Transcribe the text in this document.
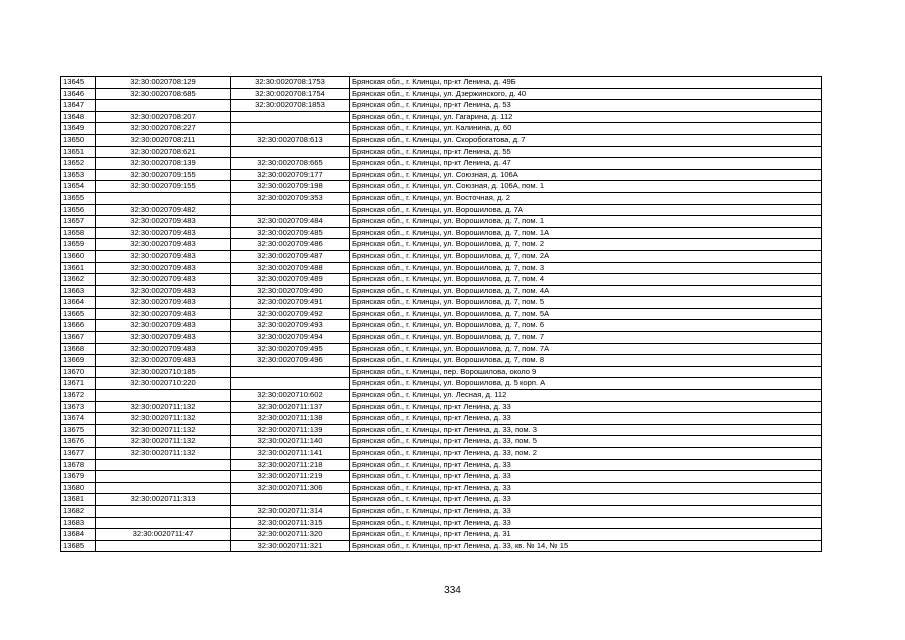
13645	32:30:0020708:129	32:30:0020708:1753	Брянская обл., г. Клинцы, пр-кт Ленина, д. 49Б
13646	32:30:0020708:685	32:30:0020708:1754	Брянская обл., г. Клинцы, ул. Дзержинского, д. 40
13647		32:30:0020708:1853	Брянская обл., г. Клинцы, пр-кт Ленина, д. 53
13648	32:30:0020708:207		Брянская обл., г. Клинцы, ул. Гагарина, д. 112
13649	32:30:0020708:227		Брянская обл., г. Клинцы, ул. Калинина, д. 60
13650	32:30:0020708:211	32:30:0020708:613	Брянская обл., г. Клинцы, ул. Скоробогатова, д. 7
13651	32:30:0020708:621		Брянская обл., г. Клинцы, пр-кт Ленина, д. 55
13652	32:30:0020708:139	32:30:0020708:665	Брянская обл., г. Клинцы, пр-кт Ленина, д. 47
13653	32:30:0020709:155	32:30:0020709:177	Брянская обл., г. Клинцы, ул. Союзная, д. 106А
13654	32:30:0020709:155	32:30:0020709:198	Брянская обл., г. Клинцы, ул. Союзная, д. 106А, пом. 1
13655		32:30:0020709:353	Брянская обл., г. Клинцы, ул. Восточная, д. 2
13656	32:30:0020709:482		Брянская обл., г. Клинцы, ул. Ворошилова, д. 7А
13657	32:30:0020709:483	32:30:0020709:484	Брянская обл., г. Клинцы, ул. Ворошилова, д. 7, пом. 1
13658	32:30:0020709:483	32:30:0020709:485	Брянская обл., г. Клинцы, ул. Ворошилова, д. 7, пом. 1А
13659	32:30:0020709:483	32:30:0020709:486	Брянская обл., г. Клинцы, ул. Ворошилова, д. 7, пом. 2
13660	32:30:0020709:483	32:30:0020709:487	Брянская обл., г. Клинцы, ул. Ворошилова, д. 7, пом. 2А
13661	32:30:0020709:483	32:30:0020709:488	Брянская обл., г. Клинцы, ул. Ворошилова, д. 7, пом. 3
13662	32:30:0020709:483	32:30:0020709:489	Брянская обл., г. Клинцы, ул. Ворошилова, д. 7, пом. 4
13663	32:30:0020709:483	32:30:0020709:490	Брянская обл., г. Клинцы, ул. Ворошилова, д. 7, пом. 4А
13664	32:30:0020709:483	32:30:0020709:491	Брянская обл., г. Клинцы, ул. Ворошилова, д. 7, пом. 5
13665	32:30:0020709:483	32:30:0020709:492	Брянская обл., г. Клинцы, ул. Ворошилова, д. 7, пом. 5А
13666	32:30:0020709:483	32:30:0020709:493	Брянская обл., г. Клинцы, ул. Ворошилова, д. 7, пом. 6
13667	32:30:0020709:483	32:30:0020709:494	Брянская обл., г. Клинцы, ул. Ворошилова, д. 7, пом. 7
13668	32:30:0020709:483	32:30:0020709:495	Брянская обл., г. Клинцы, ул. Ворошилова, д. 7, пом. 7А
13669	32:30:0020709:483	32:30:0020709:496	Брянская обл., г. Клинцы, ул. Ворошилова, д. 7, пом. 8
13670	32:30:0020710:185		Брянская обл., г. Клинцы, пер. Ворошилова, около 9
13671	32:30:0020710:220		Брянская обл., г. Клинцы, ул. Ворошилова, д. 5 корп. А
13672		32:30:0020710:602	Брянская обл., г. Клинцы, ул. Лесная, д. 112
13673	32:30:0020711:132	32:30:0020711:137	Брянская обл., г. Клинцы, пр-кт Ленина, д. 33
13674	32:30:0020711:132	32:30:0020711:138	Брянская обл., г. Клинцы, пр-кт Ленина, д. 33
13675	32:30:0020711:132	32:30:0020711:139	Брянская обл., г. Клинцы, пр-кт Ленина, д. 33, пом. 3
13676	32:30:0020711:132	32:30:0020711:140	Брянская обл., г. Клинцы, пр-кт Ленина, д. 33, пом. 5
13677	32:30:0020711:132	32:30:0020711:141	Брянская обл., г. Клинцы, пр-кт Ленина, д. 33, пом. 2
13678		32:30:0020711:218	Брянская обл., г. Клинцы, пр-кт Ленина, д. 33
13679		32:30:0020711:219	Брянская обл., г. Клинцы, пр-кт Ленина, д. 33
13680		32:30:0020711:306	Брянская обл., г. Клинцы, пр-кт Ленина, д. 33
13681	32:30:0020711:313		Брянская обл., г. Клинцы, пр-кт Ленина, д. 33
13682		32:30:0020711:314	Брянская обл., г. Клинцы, пр-кт Ленина, д. 33
13683		32:30:0020711:315	Брянская обл., г. Клинцы, пр-кт Ленина, д. 33
13684	32:30:0020711:47	32:30:0020711:320	Брянская обл., г. Клинцы, пр-кт Ленина, д. 31
13685		32:30:0020711:321	Брянская обл., г. Клинцы, пр-кт Ленина, д. 33, кв. № 14, № 15
334
